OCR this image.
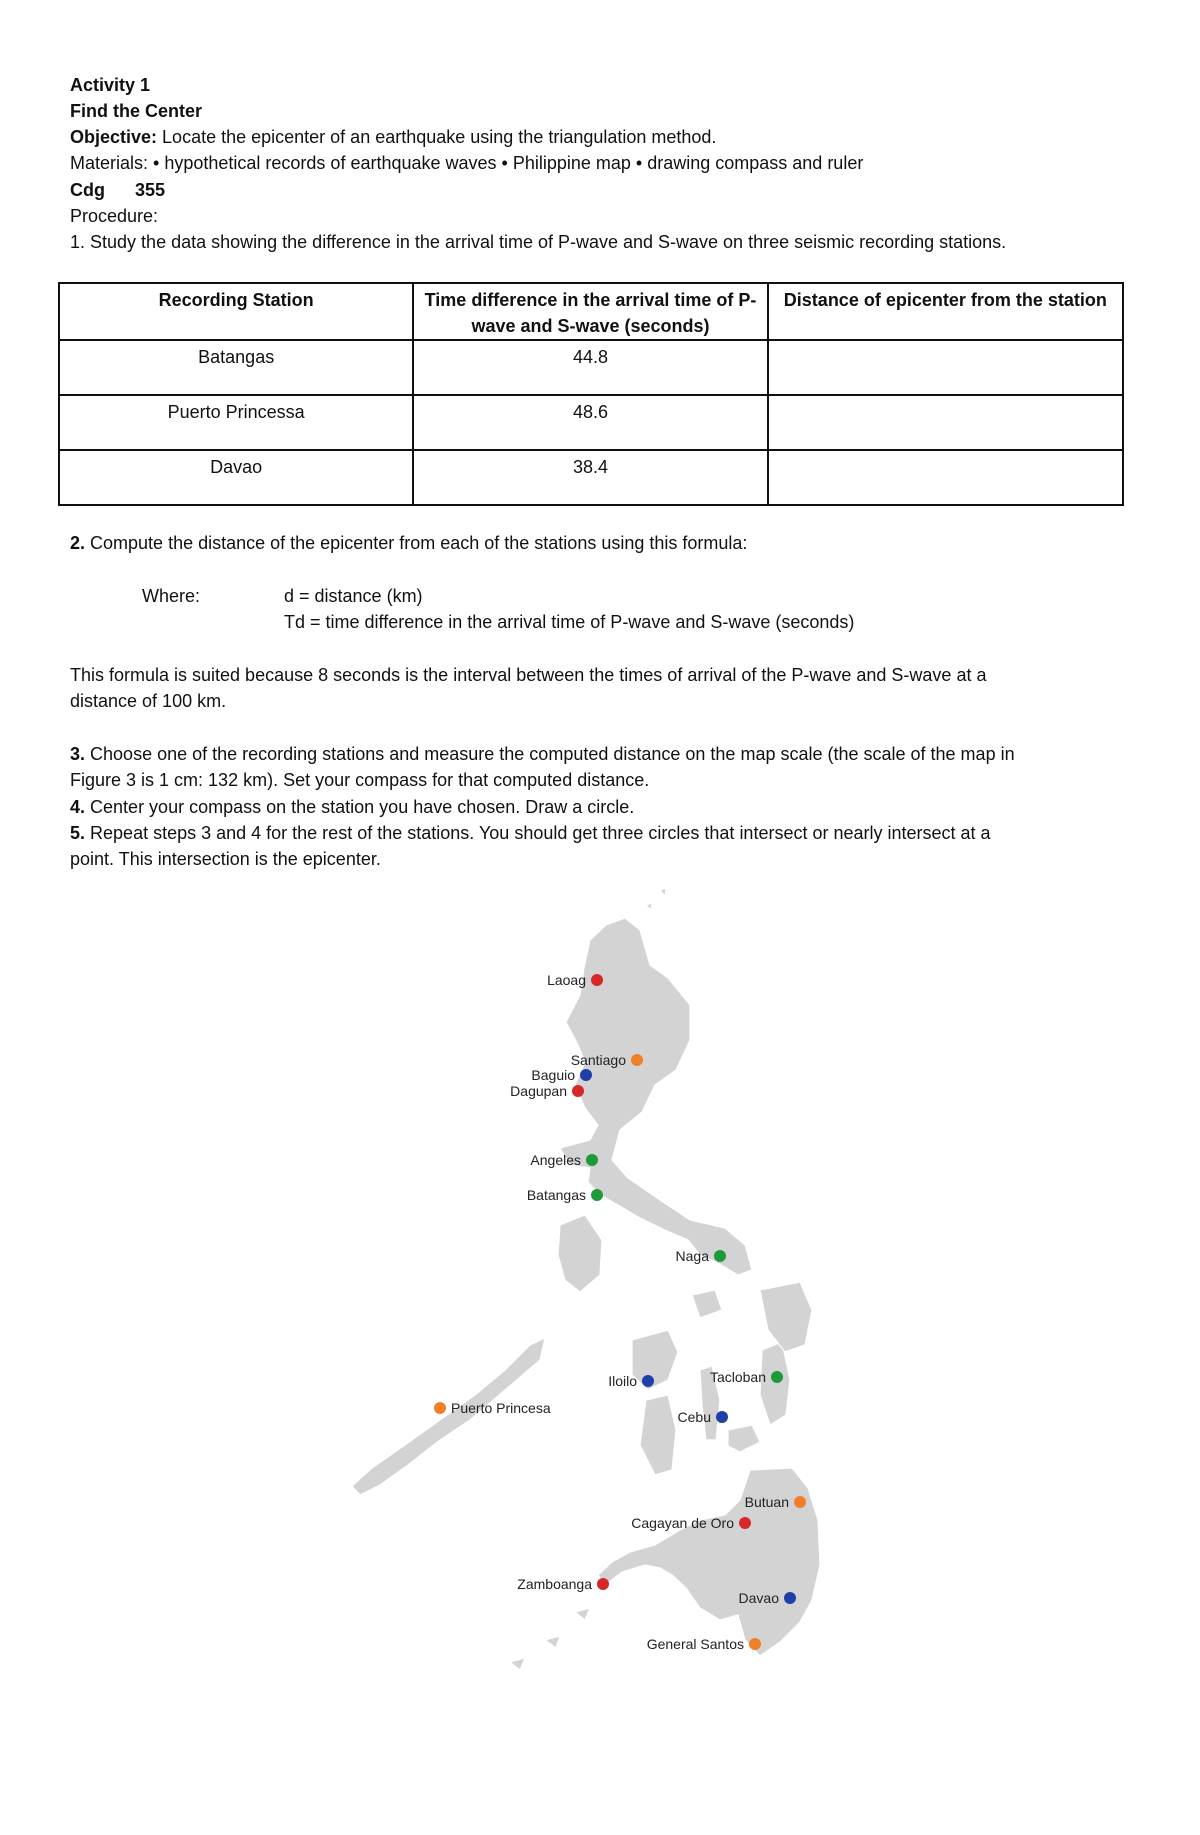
Activity 1
Find the Center
Objective: Locate the epicenter of an earthquake using the triangulation method.
Materials: • hypothetical records of earthquake waves • Philippine map • drawing compass and ruler
Cdg      355
Procedure:
1. Study the data showing the difference in the arrival time of P-wave and S-wave on three seismic recording stations.
Recording Station	Time difference in the arrival time of P-wave and S-wave (seconds)	Distance of epicenter from the station
Batangas	44.8	
Puerto Princessa	48.6	
Davao	38.4	
2. Compute the distance of the epicenter from each of the stations using this formula:
Where:	d = distance (km)
Td = time difference in the arrival time of P-wave and S-wave (seconds)
This formula is suited because 8 seconds is the interval between the times of arrival of the P-wave and S-wave at a
distance of 100 km.
3. Choose one of the recording stations and measure the computed distance on the map scale (the scale of the map in
Figure 3 is 1 cm: 132 km). Set your compass for that computed distance.
4. Center your compass on the station you have chosen. Draw a circle.
5. Repeat steps 3 and 4 for the rest of the stations. You should get three circles that intersect or nearly intersect at a
point. This intersection is the epicenter.
Laoag
Santiago
Baguio
Dagupan
Angeles
Batangas
Naga
Iloilo	Tacloban
Puerto Princesa
Cebu
Butuan
Cagayan de Oro
Zamboanga
Davao
General Santos
